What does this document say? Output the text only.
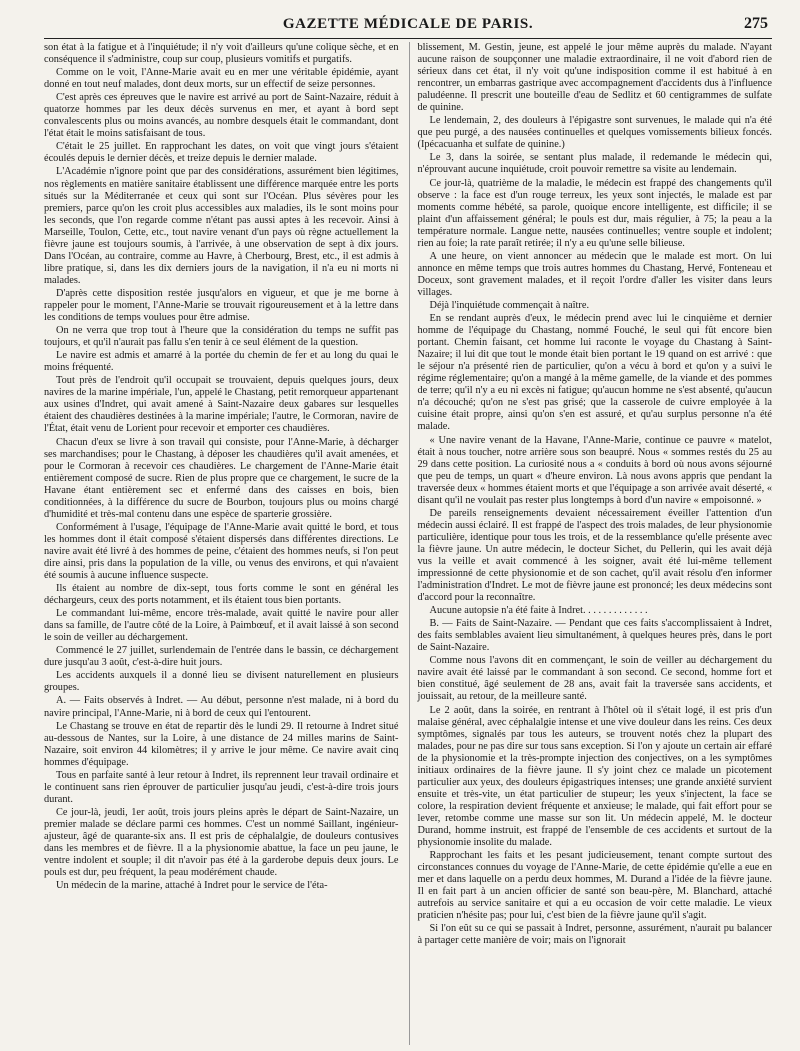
GAZETTE MÉDICALE DE PARIS.	275

son état à la fatigue et à l'inquiétude; il n'y voit d'ailleurs qu'une colique sèche, et en conséquence il s'administre, coup sur coup, plusieurs vomitifs et purgatifs.

Comme on le voit, l'Anne-Marie avait eu en mer une véritable épidémie, ayant donné en tout neuf malades, dont deux morts, sur un effectif de seize personnes.

C'est après ces épreuves que le navire est arrivé au port de Saint-Nazaire, réduit à quatorze hommes par les deux décès survenus en mer, et ayant à bord sept convalescents plus ou moins avancés, au nombre desquels était le commandant, dont l'état était le moins satisfaisant de tous.

C'était le 25 juillet. En rapprochant les dates, on voit que vingt jours s'étaient écoulés depuis le dernier décès, et treize depuis le dernier malade.

L'Académie n'ignore point que par des considérations, assurément bien légitimes, nos règlements en matière sanitaire établissent une différence marquée entre les ports situés sur la Méditerranée et ceux qui sont sur l'Océan. Plus sévères pour les premiers, parce qu'on les croit plus accessibles aux maladies, ils le sont moins pour les seconds, que l'on regarde comme n'étant pas aussi aptes à les recevoir. Ainsi à Marseille, Toulon, Cette, etc., tout navire venant d'un pays où règne actuellement la fièvre jaune est toujours soumis, à l'arrivée, à une observation de sept à dix jours. Dans l'Océan, au contraire, comme au Havre, à Cherbourg, Brest, etc., il est admis à libre pratique, si, dans les dix derniers jours de la navigation, il n'a eu ni morts ni malades.

D'après cette disposition restée jusqu'alors en vigueur, et que je me borne à rappeler pour le moment, l'Anne-Marie se trouvait rigoureusement et à la lettre dans les conditions de temps voulues pour être admise.

On ne verra que trop tout à l'heure que la considération du temps ne suffit pas toujours, et qu'il n'aurait pas fallu s'en tenir à ce seul élément de la question.

Le navire est admis et amarré à la portée du chemin de fer et au long du quai le moins fréquenté.

Tout près de l'endroit qu'il occupait se trouvaient, depuis quelques jours, deux navires de la marine impériale, l'un, appelé le Chastang, petit remorqueur appartenant aux usines d'Indret, qui avait amené à Saint-Nazaire deux gabares sur lesquelles étaient des chaudières destinées à la marine impériale; l'autre, le Cormoran, navire de l'État, était venu de Lorient pour recevoir et emporter ces chaudières.

Chacun d'eux se livre à son travail qui consiste, pour l'Anne-Marie, à décharger ses marchandises; pour le Chastang, à déposer les chaudières qu'il avait amenées, et pour le Cormoran à recevoir ces chaudières. Le chargement de l'Anne-Marie était entièrement composé de sucre. Rien de plus propre que ce chargement, le sucre de la Havane étant entièrement sec et enfermé dans des caisses en bois, bien conditionnées, à la différence du sucre de Bourbon, toujours plus ou moins chargé d'humidité et très-mal contenu dans une espèce de sparterie grossière.

Conformément à l'usage, l'équipage de l'Anne-Marie avait quitté le bord, et tous les hommes dont il était composé s'étaient dispersés dans différentes directions. Le navire avait été livré à des hommes de peine, c'étaient des hommes neufs, si l'on peut dire ainsi, pris dans la population de la ville, ou venus des environs, et qui n'avaient été soumis à aucune influence suspecte.

Ils étaient au nombre de dix-sept, tous forts comme le sont en général les déchargeurs, ceux des ports notamment, et ils étaient tous bien portants.

Le commandant lui-même, encore très-malade, avait quitté le navire pour aller dans sa famille, de l'autre côté de la Loire, à Paimbœuf, et il avait laissé à son second le soin de veiller au déchargement.

Commencé le 27 juillet, surlendemain de l'entrée dans le bassin, ce déchargement dure jusqu'au 3 août, c'est-à-dire huit jours.

Les accidents auxquels il a donné lieu se divisent naturellement en plusieurs groupes.

A. — Faits observés à Indret. — Au début, personne n'est malade, ni à bord du navire principal, l'Anne-Marie, ni à bord de ceux qui l'entourent.

Le Chastang se trouve en état de repartir dès le lundi 29. Il retourne à Indret situé au-dessous de Nantes, sur la Loire, à une distance de 24 milles marins de Saint-Nazaire, soit environ 44 kilomètres; il y arrive le jour même. Ce navire avait cinq hommes d'équipage.

Tous en parfaite santé à leur retour à Indret, ils reprennent leur travail ordinaire et le continuent sans rien éprouver de particulier jusqu'au jeudi, c'est-à-dire trois jours durant.

Ce jour-là, jeudi, 1er août, trois jours pleins après le départ de Saint-Nazaire, un premier malade se déclare parmi ces hommes. C'est un nommé Saillant, ingénieur-ajusteur, âgé de quarante-six ans. Il est pris de céphalalgie, de douleurs contusives dans les membres et de fièvre. Il a la physionomie abattue, la face un peu jaune, le ventre indolent et souple; il dit n'avoir pas été à la garderobe depuis deux jours. Le pouls est dur, peu fréquent, la peau modérément chaude.

Un médecin de la marine, attaché à Indret pour le service de l'éta-

blissement, M. Gestin, jeune, est appelé le jour même auprès du malade. N'ayant aucune raison de soupçonner une maladie extraordinaire, il ne voit d'abord rien de sérieux dans cet état, il n'y voit qu'une indisposition comme il est habitué à en rencontrer, un embarras gastrique avec accompagnement d'accidents dus à l'influence paludéenne. Il prescrit une bouteille d'eau de Sedlitz et 60 centigrammes de sulfate de quinine.

Le lendemain, 2, des douleurs à l'épigastre sont survenues, le malade qui n'a été que peu purgé, a des nausées continuelles et quelques vomissements bilieux foncés. (Ipécacuanha et sulfate de quinine.)

Le 3, dans la soirée, se sentant plus malade, il redemande le médecin qui, n'éprouvant aucune inquiétude, croit pouvoir remettre sa visite au lendemain.

Ce jour-là, quatrième de la maladie, le médecin est frappé des changements qu'il observe : la face est d'un rouge terreux, les yeux sont injectés, le malade est par moments comme hébété, sa parole, quoique encore intelligente, est difficile; il se plaint d'un affaissement général; le pouls est dur, mais régulier, à 75; la peau a la température normale. Langue nette, nausées continuelles; ventre souple et indolent; rien au foie; la rate paraît retirée; il n'y a eu qu'une selle bilieuse.

A une heure, on vient annoncer au médecin que le malade est mort. On lui annonce en même temps que trois autres hommes du Chastang, Hervé, Fonteneau et Doceux, sont gravement malades, et il reçoit l'ordre d'aller les visiter dans leurs villages.

Déjà l'inquiétude commençait à naître.

En se rendant auprès d'eux, le médecin prend avec lui le cinquième et dernier homme de l'équipage du Chastang, nommé Fouché, le seul qui fût encore bien portant. Chemin faisant, cet homme lui raconte le voyage du Chastang à Saint-Nazaire; il lui dit que tout le monde était bien portant le 19 quand on est arrivé : que le séjour n'a présenté rien de particulier, qu'on a vécu à bord et qu'on y a suivi le régime réglementaire; qu'on a mangé à la même gamelle, de la viande et des pommes de terre; qu'il n'y a eu ni excès ni fatigue; qu'aucun homme ne s'est absenté, qu'aucun n'a découché; qu'on ne s'est pas grisé; que la casserole de cuivre employée à la cuisine était propre, ainsi qu'on s'en est assuré, et qu'au surplus personne n'a été malade.

« Une navire venant de la Havane, l'Anne-Marie, continue ce pauvre « matelot, était à nous toucher, notre arrière sous son beaupré. Nous « sommes restés du 25 au 29 dans cette position. La curiosité nous a « conduits à bord où nous avons séjourné que peu de temps, un quart « d'heure environ. Là nous avons appris que pendant la traversée deux « hommes étaient morts et que l'équipage a son arrivée avait déserté, « disant qu'il ne voulait pas rester plus longtemps à bord d'un navire « empoisonné. »

De pareils renseignements devaient nécessairement éveiller l'attention d'un médecin aussi éclairé. Il est frappé de l'aspect des trois malades, de leur physionomie particulière, identique pour tous les trois, et de la ressemblance qu'elle présente avec la fièvre jaune. Un autre médecin, le docteur Sichet, du Pellerin, qui les avait déjà vus la veille et avait commencé à les soigner, avait été lui-même tellement impressionné de cette physionomie et de son cachet, qu'il avait résolu d'en informer l'administration d'Indret. Le mot de fièvre jaune est prononcé; les deux médecins sont d'accord pour la reconnaître.

Aucune autopsie n'a été faite à Indret. . . . . . . . . . . . .

B. — Faits de Saint-Nazaire. — Pendant que ces faits s'accomplissaient à Indret, des faits semblables avaient lieu simultanément, à quelques heures près, dans le port de Saint-Nazaire.

Comme nous l'avons dit en commençant, le soin de veiller au déchargement du navire avait été laissé par le commandant à son second. Ce second, homme fort et bien constitué, âgé seulement de 28 ans, avait fait la traversée sans accidents, et jouissait, au retour, de la meilleure santé.

Le 2 août, dans la soirée, en rentrant à l'hôtel où il s'était logé, il est pris d'un malaise général, avec céphalalgie intense et une vive douleur dans les reins. Ces deux symptômes, signalés par tous les auteurs, se trouvent notés chez la plupart des malades, pour ne pas dire sur tous sans exception. Si l'on y ajoute un certain air effaré de la physionomie et la très-prompte injection des conjectives, on a les symptômes initiaux ordinaires de la fièvre jaune. Il s'y joint chez ce malade un picotement particulier aux yeux, des douleurs épigastriques intenses; une grande anxiété survient ensuite et très-vite, un état particulier de stupeur; les yeux s'injectent, la face se colore, la respiration devient fréquente et anxieuse; le malade, qui fait effort pour se lever, retombe comme une masse sur son lit. Un médecin appelé, M. le docteur Durand, homme instruit, est frappé de l'ensemble de ces accidents et surtout de la physionomie insolite du malade.

Rapprochant les faits et les pesant judicieusement, tenant compte surtout des circonstances connues du voyage de l'Anne-Marie, de cette épidémie qu'elle a eue en mer et dans laquelle on a perdu deux hommes, M. Durand a l'idée de la fièvre jaune. Il en fait part à un ancien officier de santé son beau-père, M. Blanchard, attaché autrefois au service sanitaire et qui a eu occasion de voir cette maladie. Le vieux praticien n'hésite pas; pour lui, c'est bien de la fièvre jaune qu'il s'agit.

Si l'on eût su ce qui se passait à Indret, personne, assurément, n'aurait pu balancer à partager cette manière de voir; mais on l'ignorait
